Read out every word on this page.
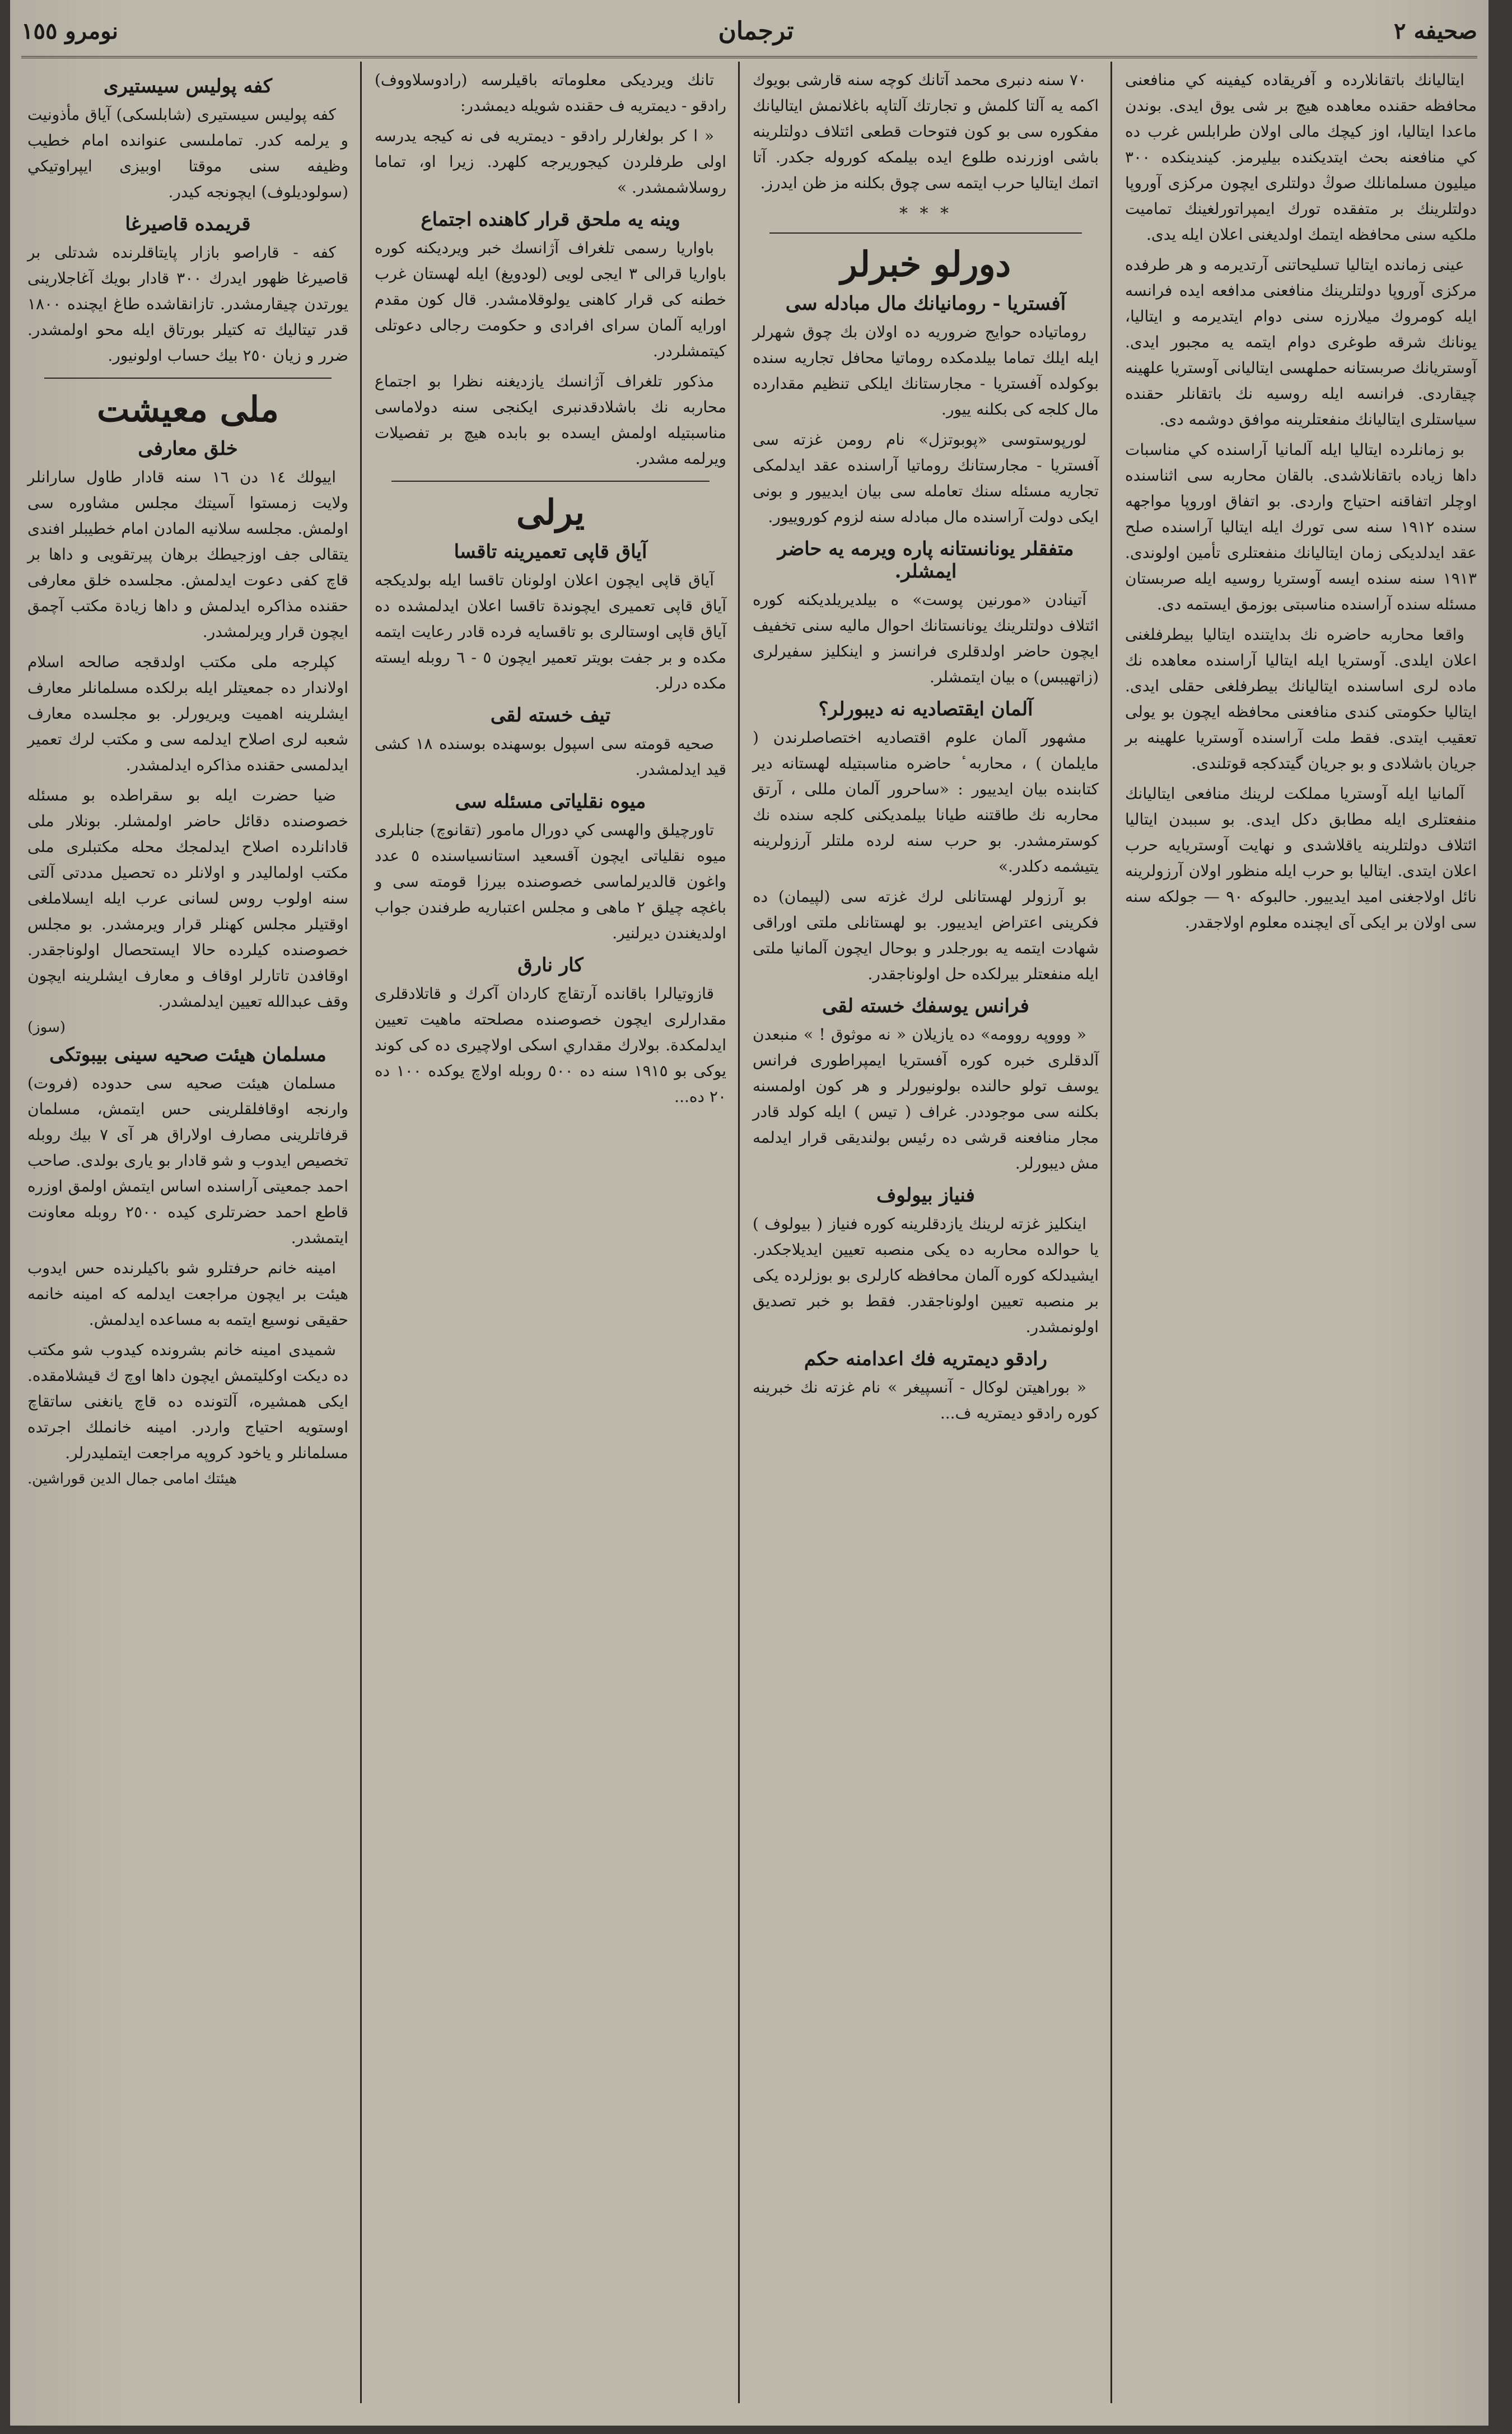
صحيفه ٢
ترجمان
نومرو ١٥٥

ايتاليانك باتقانلارده و آفريقاده كيفينه كي منافعنى محافظه حقنده معاهده هيچ بر شى يوق ايدى. بوندن ماعدا ايتاليا، اوز كيچك مالى اولان طرابلس غرب ده كي منافعنه بحث ايتديكنده بيليرمز. كيندينكده ٣٠٠ ميليون مسلمانلك صوڭ دولتلرى ايچون مركزى آوروپا دولتلرينك بر متفقده تورك ايمپراتورلغينك تماميت ملكيه سنى محافظه ايتمك اولديغنى اعلان ايله يدى.

عينى زمانده ايتاليا تسليحاتنى آرتديرمه و هر طرفده مركزى آوروپا دولتلرينك منافعنى مدافعه ايده فرانسه ايله كومروك ميلارزه سنى دوام ايتديرمه و ايتاليا، يونانك شرقه طوغرى دوام ايتمه يه مجبور ايدى. آوستريانك صربستانه حملهسى ايتاليانى آوستريا علهينه چيقاردى. فرانسه ايله روسيه نك باتقانلر حقنده سياستلرى ايتاليانك منفعتلرينه موافق دوشمه دى.

بو زمانلرده ايتاليا ايله آلمانيا آراسنده كي مناسبات داها زياده باتقانلاشدى. بالقان محاربه سى اثناسنده اوچلر اتفاقنه احتياج واردى. بو اتفاق اوروپا مواجهه سنده ١٩١٢ سنه سى تورك ايله ايتاليا آراسنده صلح عقد ايدلديكى زمان ايتاليانك منفعتلرى تأمين اولوندى. ١٩١٣ سنه سنده ايسه آوستريا روسيه ايله صربستان مسئله سنده آراسنده مناسبتى بوزمق ايستمه دى.

واقعا محاربه حاضره نك بدايتنده ايتاليا بيطرفلغنى اعلان ايلدى. آوستريا ايله ايتاليا آراسنده معاهده نك ماده لرى اساسنده ايتاليانك بيطرفلغى حقلى ايدى. ايتاليا حكومتى كندى منافعنى محافظه ايچون بو يولى تعقيب ايتدى. فقط ملت آراسنده آوستريا علهينه بر جريان باشلادى و بو جريان گيتدكجه قوتلندى.

آلمانيا ايله آوستريا مملكت لرينك منافعى ايتاليانك منفعتلرى ايله مطابق دكل ايدى. بو سببدن ايتاليا ائتلاف دولتلرينه ياقلاشدى و نهايت آوستريايه حرب اعلان ايتدى. ايتاليا بو حرب ايله منظور اولان آرزولرينه نائل اولاجغنى اميد ايدييور. حالبوكه ٩٠ — جولكه سنه سى اولان بر ايكى آى ايچنده معلوم اولاجقدر.

٧٠ سنه دنبرى محمد آتانك كوچه سنه قارشى بويوك اكمه يه آلتا كلمش و تجارتك آلتاپه باغلانمش ايتاليانك مفكوره سى بو كون فتوحات قطعى ائتلاف دولتلرينه باشى اوزرنده طلوع ايده بيلمكه كوروله جكدر. آتا اتمك ايتاليا حرب ايتمه سى چوق بكلنه مز ظن ايدرز.

* * *
دورلو خبرلر
آفستريا - رومانيانك مال مبادله سى

روماتياده حوايج ضروريه ده اولان بك چوق شهرلر ايله ايلك تماما بيلدمكده روماتيا محافل تجاريه سنده بوكولده آفستريا - مجارستانك ايلكى تنظيم مقدارده مال كلجه كى بكلنه ييور.

لورپوستوسى «پوبوتزل» نام رومن غزته سى آفستريا - مجارستانك روماتيا آراسنده عقد ايدلمكى تجاريه مسئله سنك تعامله سى بيان ايدييور و بونى ايكى دولت آراسنده مال مبادله سنه لزوم كوروييور.

متفقلر يونانستانه پاره ويرمه يه حاضر ايمشلر.

آتينادن «مورنين پوست» ه بيلديريلديكنه كوره ائتلاف دولتلرينك يونانستانك احوال ماليه سنى تخفيف ايچون حاضر اولدقلرى فرانسز و اينكليز سفيرلرى (زاتهيبس) ه بيان ايتمشلر.

آلمان ايقتصاديه نه ديبورلر؟

مشهور آلمان علوم اقتصاديه اختصاصلرندن ( مايلمان ) ، محاربه ٔ حاضره مناسبتيله لهستانه دير كتابنده بيان ايدييور : «ساحرور آلمان مللى ، آرتق محاربه نك طاقتنه طيانا بيلمديكنى كلجه سنده نك كوسترمشدر. بو حرب سنه لرده ملتلر آرزولرينه يتيشمه دكلدر.»

بو آرزولر لهستانلى لرك غزته سى (لپيمان) ده فكرينى اعتراض ايدييور. بو لهستانلى ملتى اوراقى شهادت ايتمه يه بورجلدر و بوحال ايچون آلمانيا ملتى ايله منفعتلر بيرلكده حل اولوناجقدر.

فرانس يوسفك خسته لقى

« وووپه روومه» ده يازيلان « نه موثوق ! » منبعدن آلدقلرى خبره كوره آفستريا ايمپراطورى فرانس يوسف تولو حالنده بولونيورلر و هر كون اولمسنه بكلنه سى موجوددر. غراف ( تيس ) ايله كولد قادر مجار منافعنه قرشى ده رئيس بولنديقى قرار ايدلمه مش ديبورلر.

فنياز بيولوف

اينكليز غزته لرينك يازدقلرينه كوره فنياز ( بيولوف ) يا حوالده محاربه ده يكى منصبه تعيين ايديلاجكدر. ايشيدلكه كوره آلمان محافظه كارلرى بو بوزلرده يكى بر منصبه تعيين اولوناجقدر. فقط بو خبر تصديق اولونمشدر.

رادقو ديمتريه فك اعدامنه حكم

« بوراهيتن لوكال - آنسپيغر » نام غزته نك خبرينه كوره رادقو ديمتريه ف...

تانك ويرديكى معلوماته باقيلرسه (رادوسلاووف) رادقو - ديمتريه ف حقنده شويله ديمشدر:

« ا كر بولغارلر رادقو - ديمتريه فى نه كيجه يدرسه اولى طرفلردن كيجوريرجه كلهرد. زيرا او، تماما روسلاشمشدر. »

وينه يه ملحق قرار كاهنده اجتماع

باواريا رسمى تلغراف آژانسك خبر ويرديكنه كوره باواريا قرالى ٣ ايجى لويى (لودويغ) ايله لهستان غرب خطنه كى قرار كاهنى يولوقلامشدر. قال كون مقدم اورايه آلمان سراى افرادى و حكومت رجالى دعوتلى كيتمشلردر.

مذكور تلغراف آژانسك يازديغنه نظرا بو اجتماع محاربه نك باشلادقدنبرى ايكنجى سنه دولاماسى مناسبتيله اولمش ايسده بو بابده هيچ بر تفصيلات ويرلمه مشدر.

يرلى
آياق قاپى تعميرينه تاقسا

آياق قاپى ايچون اعلان اولونان تاقسا ايله بولديكجه آياق قاپى تعميرى ايچوندة تاقسا اعلان ايدلمشده ده آياق قاپى اوستالرى بو تاقسايه فرده قادر رعايت ايتمه مكده و بر جفت بويتر تعمير ايچون ٥ - ٦ روبله ايسته مكده درلر.

تيف خسته لقى

صحيه قومته سى اسپول بوسهنده بوسنده ١٨ كشى قيد ايدلمشدر.

ميوه نقلياتى مسئله سى

تاورچيلق والهسى كي دورال مامور (تقانوچ) جنابلرى ميوه نقلياتى ايچون آقسعيد استانسياسنده ٥ عدد واغون قالديرلماسى خصوصنده بيرزا قومته سى و باغچه چيلق ٢ ماهى و مجلس اعتباريه طرفندن جواب اولديغندن ديرلنير.

كار نارق

قازوتيالرا باقانده آرتقاچ كاردان آكرك و قاتلادقلرى مقدارلرى ايچون خصوصنده مصلحته ماهيت تعيين ايدلمكدة. بولارك مقداري اسكى اولاچيرى ده كى كوند يوكى بو ١٩١٥ سنه ده ٥٠٠ روبله اولاچ يوكده ١٠٠ ده ٢٠ ده...

كفه پوليس سيستيرى

كفه پوليس سيستيرى (شابلسكى) آياق مأذونيت و يرلمه كدر. تماملىسى عنوانده امام خطيب وظيفه سنى موقتا اوبيزى ايپراوتيكي (سولوديلوف) ايچونجه كيدر.

قريمده قاصيرغا

كفه - قاراصو بازار پايتاقلرنده شدتلى بر قاصيرغا ظهور ايدرك ٣٠٠ قادار بويك آغاجلارينى يورتدن چيقارمشدر. تازانقاشده طاغ ايچنده ١٨٠٠ قدر تيتاليك ته كتيلر بورتاق ايله محو اولمشدر. ضرر و زيان ٢٥٠ بيك حساب اولونيور.

ملى معيشت
خلق معارفى

اييولك ١٤ دن ١٦ سنه قادار طاول سارانلر ولايت زمستوا آسيتك مجلس مشاوره سى اولمش. مجلسه سلانيه المادن امام خطيبلر افندى يتقالى جف اوزجيطك برهان پيرتقويى و داها بر قاچ كفى دعوت ايدلمش. مجلسده خلق معارفى حقنده مذاكره ايدلمش و داها زيادة مكتب آچمق ايچون قرار ويرلمشدر.

كپلرجه ملى مكتب اولدقجه صالحه اسلام اولاندار ده جمعيتلر ايله برلكده مسلمانلر معارف ايشلرينه اهميت ويريورلر. بو مجلسده معارف شعبه لرى اصلاح ايدلمه سى و مكتب لرك تعمير ايدلمسى حقنده مذاكره ايدلمشدر.

ضيا حضرت ايله بو سقراطده بو مسئله خصوصنده دقائل حاضر اولمشلر. بونلار ملى قادانلرده اصلاح ايدلمجك محله مكتبلرى ملى مكتب اولماليدر و اولانلر ده تحصيل مددتى آلتى سنه اولوب روس لسانى عرب ايله ايسلاملغى اوقتيلر مجلس كهنلر قرار ويرمشدر. بو مجلس خصوصنده كيلرده حالا ايستحصال اولوناجقدر. اوقافدن تاتارلر اوقاف و معارف ايشلرينه ايچون وقف عبدالله تعيين ايدلمشدر.

(سوز)
مسلمان هيئت صحيه سينى بيبوتكى

مسلمان هيئت صحيه سى حدوده (فروت) وارنجه اوقافلقلرينى حس ايتمش، مسلمان قرفاتلرينى مصارف اولاراق هر آى ٧ بيك روبله تخصيص ايدوب و شو قادار بو يارى بولدى. صاحب احمد جمعيتى آراسنده اساس ايتمش اولمق اوزره قاطع احمد حضرتلرى كيده ٢٥٠٠ روبله معاونت ايتمشدر.

امينه خانم حرفتلرو شو باكيلرنده حس ايدوب هيئت بر ايچون مراجعت ايدلمه كه امينه خانمه حقيقى نوسيع ايتمه به مساعده ايدلمش.

شميدى امينه خانم بشرونده كيدوب شو مكتب ده ديكت اوكليتمش ايچون داها اوچ ك قيشلامقده. ايكى همشيره، آلتونده ده قاچ يانغنى ساتقاچ اوستويه احتياج واردر. امينه خانملك اجرتده مسلمانلر و ياخود كروپه مراجعت ايتمليدرلر.

هيئتك امامى جمال الدين قوراشين.
